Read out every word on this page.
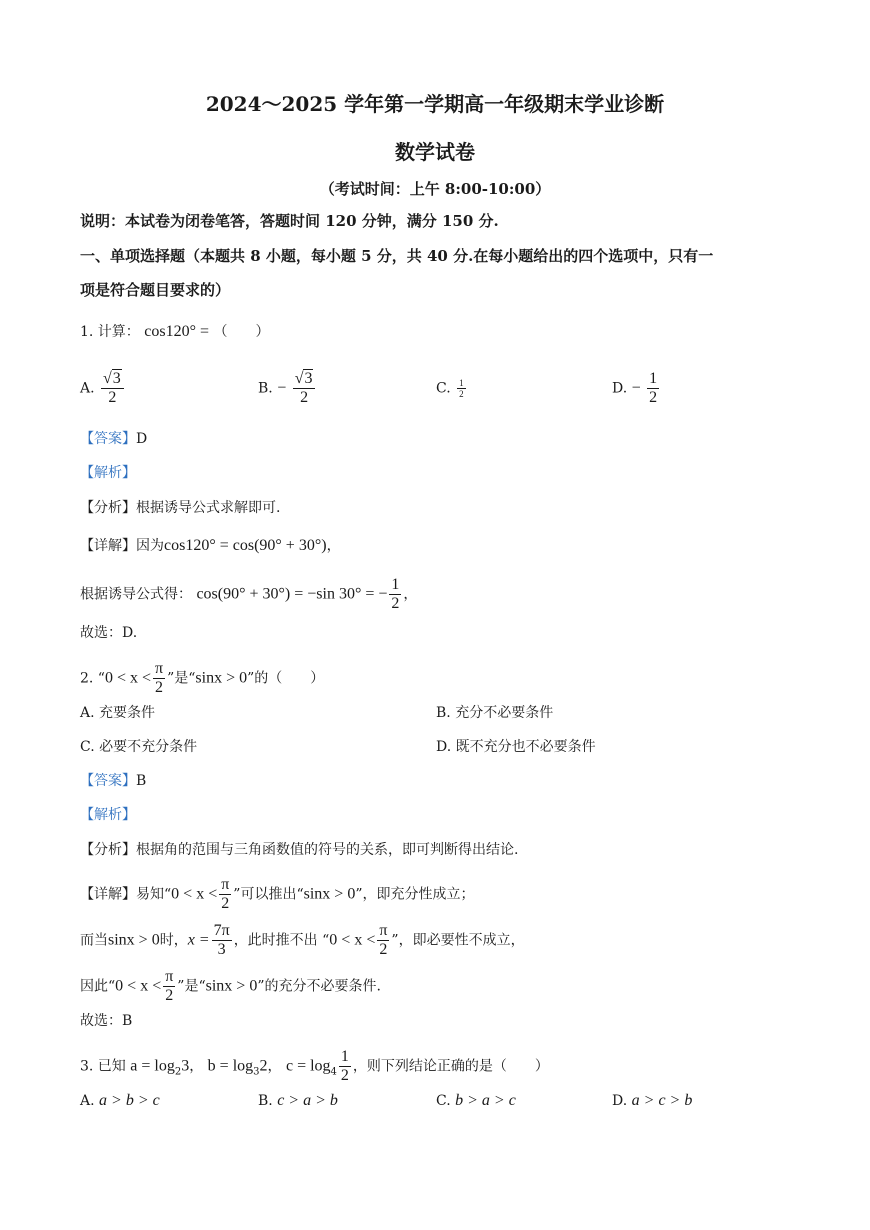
2024～2025 学年第一学期高一年级期末学业诊断
数学试卷
（考试时间：上午 8:00-10:00）
说明：本试卷为闭卷笔答，答题时间 120 分钟，满分 150 分.
一、单项选择题（本题共 8 小题，每小题 5 分，共 40 分.在每小题给出的四个选项中，只有一
项是符合题目要求的）
1. 计算： cos120° = （　　）
A. $\frac{√3}{2}$	B. − $\frac{√3}{2}$	C. $\frac{1}{2}$	D. − $\frac{1}{2}$
【答案】D
【解析】
【分析】根据诱导公式求解即可.
【详解】因为cos120° = cos(90° + 30°)，
根据诱导公式得： cos(90° + 30°) = −sin 30° = − $\frac{1}{2}$ ，
故选：D.
2. “$0 < x < \frac{\pi}{2}$ ”是“sinx > 0”的（　　）
A. 充要条件	B. 充分不必要条件
C. 必要不充分条件	D. 既不充分也不必要条件
【答案】B
【解析】
【分析】根据角的范围与三角函数值的符号的关系，即可判断得出结论.
【详解】易知“$0 < x < \frac{\pi}{2}$ ”可以推出“sinx > 0”，即充分性成立；
而当sinx > 0时，$x = \frac{7\pi}{3}$ ，此时推不出 “$0 < x < \frac{\pi}{2}$ ”，即必要性不成立，
因此“$0 < x < \frac{\pi}{2}$ ”是“sinx > 0”的充分不必要条件.
故选：B
3. 已知 $a = \log_23$， $b = \log_32$， $c = \log_4 \frac{1}{2}$ ，则下列结论正确的是（　　）
A. a > b > c	B. c > a > b	C. b > a > c	D. a > c > b
